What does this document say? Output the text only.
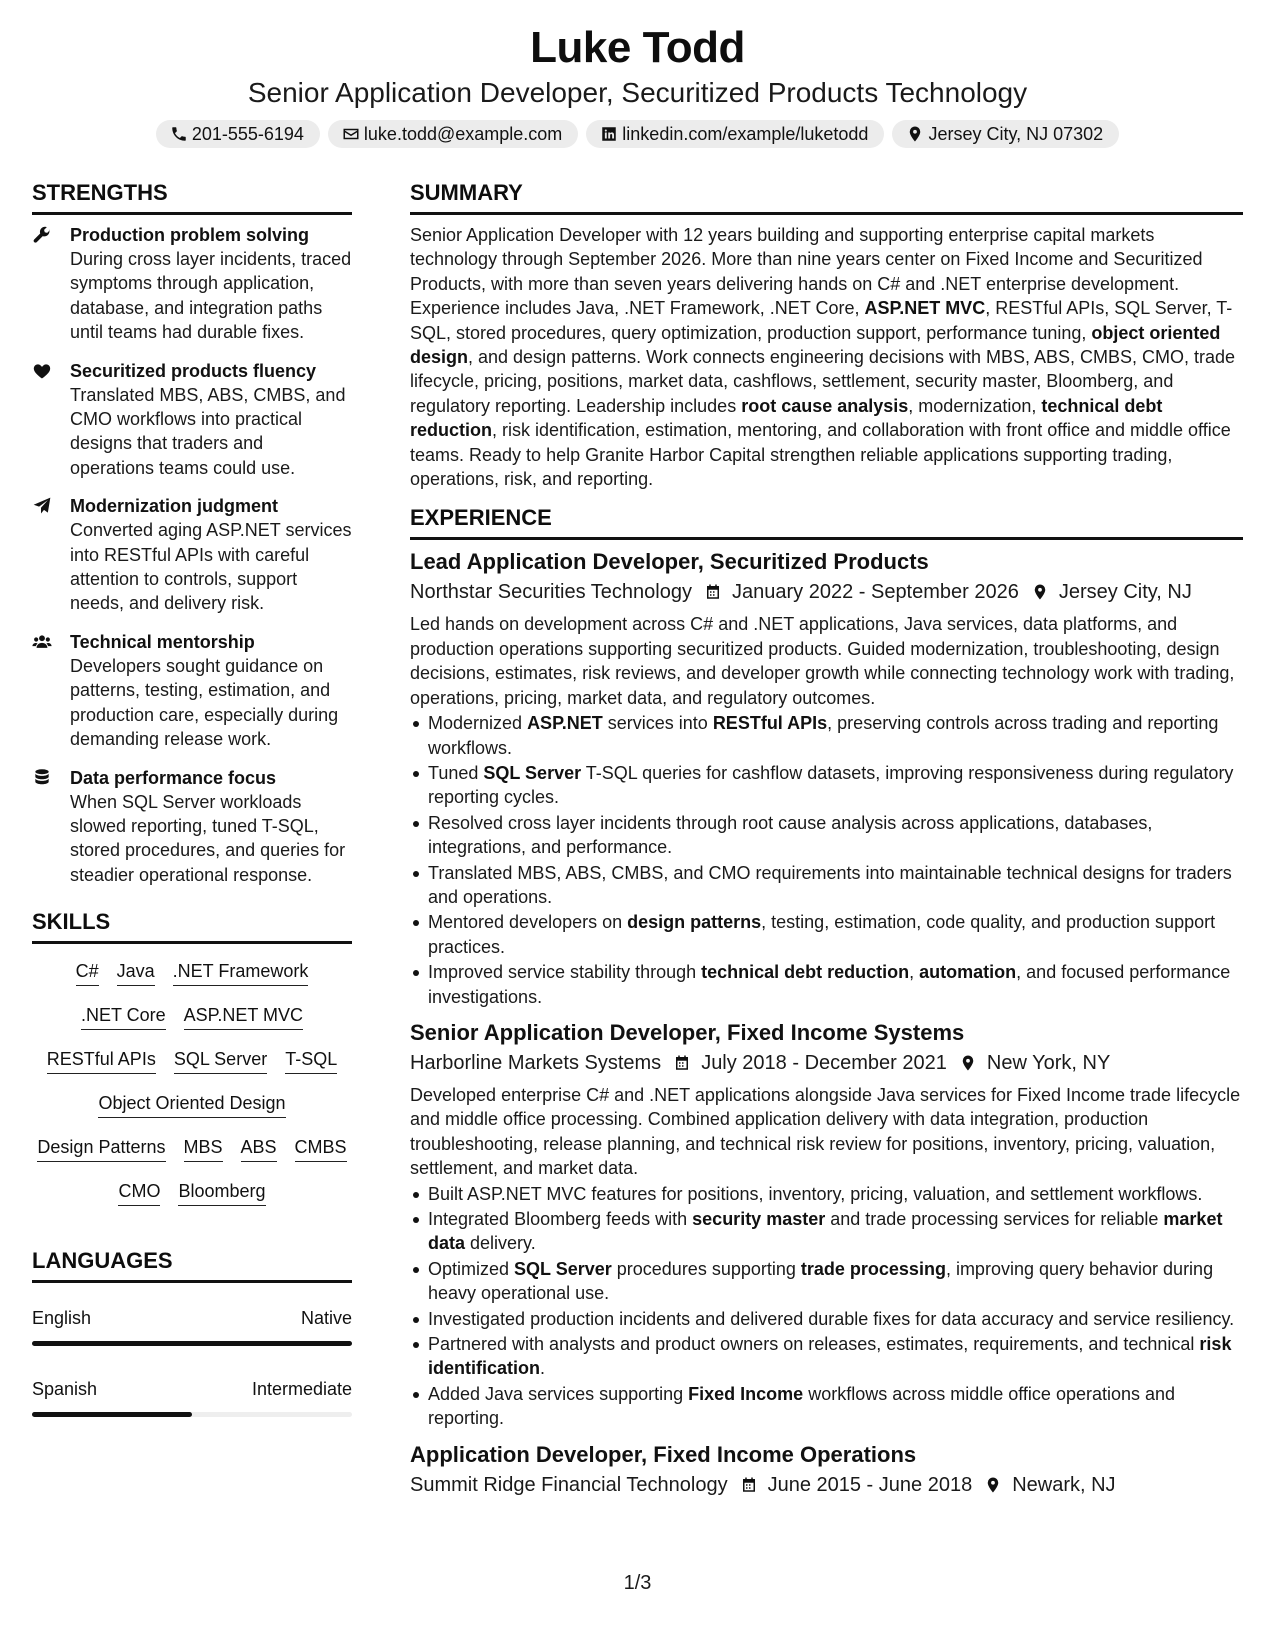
Luke Todd
Senior Application Developer, Securitized Products Technology
201-555-6194	luke.todd@example.com	linkedin.com/example/luketodd	Jersey City, NJ 07302
STRENGTHS
Production problem solving
During cross layer incidents, traced symptoms through application, database, and integration paths until teams had durable fixes.
Securitized products fluency
Translated MBS, ABS, CMBS, and CMO workflows into practical designs that traders and operations teams could use.
Modernization judgment
Converted aging ASP.NET services into RESTful APIs with careful attention to controls, support needs, and delivery risk.
Technical mentorship
Developers sought guidance on patterns, testing, estimation, and production care, especially during demanding release work.
Data performance focus
When SQL Server workloads slowed reporting, tuned T-SQL, stored procedures, and queries for steadier operational response.
SKILLS
C# Java .NET Framework
.NET Core ASP.NET MVC
RESTful APIs SQL Server T-SQL
Object Oriented Design
Design Patterns MBS ABS CMBS
CMO Bloomberg
LANGUAGES
English	Native
Spanish	Intermediate
SUMMARY

Senior Application Developer with 12 years building and supporting enterprise capital markets technology through September 2026. More than nine years center on Fixed Income and Securitized Products, with more than seven years delivering hands on C# and .NET enterprise development. Experience includes Java, .NET Framework, .NET Core, ASP.NET MVC, RESTful APIs, SQL Server, T-SQL, stored procedures, query optimization, production support, performance tuning, object oriented design, and design patterns. Work connects engineering decisions with MBS, ABS, CMBS, CMO, trade lifecycle, pricing, positions, market data, cashflows, settlement, security master, Bloomberg, and regulatory reporting. Leadership includes root cause analysis, modernization, technical debt reduction, risk identification, estimation, mentoring, and collaboration with front office and middle office teams. Ready to help Granite Harbor Capital strengthen reliable applications supporting trading, operations, risk, and reporting.

EXPERIENCE
Lead Application Developer, Securitized Products
Northstar Securities Technology January 2022 - September 2026 Jersey City, NJ
Led hands on development across C# and .NET applications, Java services, data platforms, and production operations supporting securitized products. Guided modernization, troubleshooting, design decisions, estimates, risk reviews, and developer growth while connecting technology work with trading, operations, pricing, market data, and regulatory outcomes.
Modernized ASP.NET services into RESTful APIs, preserving controls across trading and reporting workflows.
Tuned SQL Server T-SQL queries for cashflow datasets, improving responsiveness during regulatory reporting cycles.
Resolved cross layer incidents through root cause analysis across applications, databases, integrations, and performance.
Translated MBS, ABS, CMBS, and CMO requirements into maintainable technical designs for traders and operations.
Mentored developers on design patterns, testing, estimation, code quality, and production support practices.
Improved service stability through technical debt reduction, automation, and focused performance investigations.
Senior Application Developer, Fixed Income Systems
Harborline Markets Systems July 2018 - December 2021 New York, NY
Developed enterprise C# and .NET applications alongside Java services for Fixed Income trade lifecycle and middle office processing. Combined application delivery with data integration, production troubleshooting, release planning, and technical risk review for positions, inventory, pricing, valuation, settlement, and market data.
Built ASP.NET MVC features for positions, inventory, pricing, valuation, and settlement workflows.
Integrated Bloomberg feeds with security master and trade processing services for reliable market data delivery.
Optimized SQL Server procedures supporting trade processing, improving query behavior during heavy operational use.
Investigated production incidents and delivered durable fixes for data accuracy and service resiliency.
Partnered with analysts and product owners on releases, estimates, requirements, and technical risk identification.
Added Java services supporting Fixed Income workflows across middle office operations and reporting.
Application Developer, Fixed Income Operations
Summit Ridge Financial Technology June 2015 - June 2018 Newark, NJ
1/3
